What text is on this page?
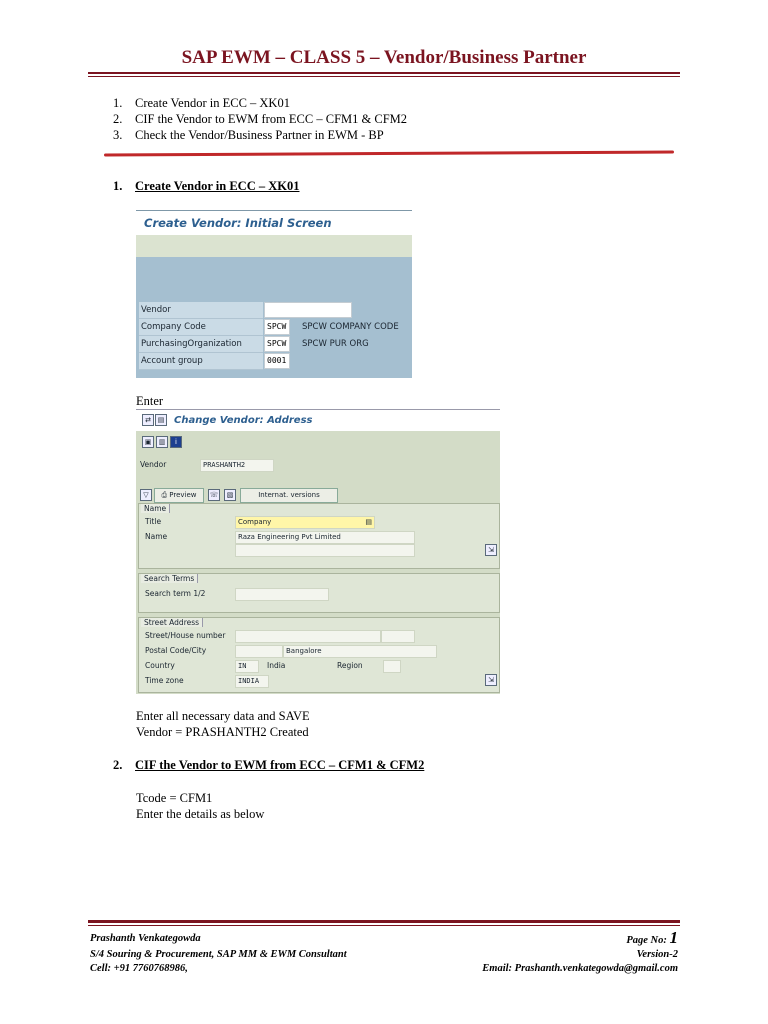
SAP EWM – CLASS 5 – Vendor/Business Partner
1. Create Vendor in ECC – XK01
2. CIF the Vendor to EWM from ECC – CFM1 & CFM2
3. Check the Vendor/Business Partner in EWM - BP
1. Create Vendor in ECC – XK01
Create Vendor: Initial Screen
Vendor
Company Code	SPCW	SPCW COMPANY CODE
PurchasingOrganization	SPCW	SPCW PUR ORG
Account group	0001
Enter
⇄ ▤ Change Vendor: Address
▣	▥	i
Vendor	PRASHANTH2
▽	⎙ Preview	☏	▧	Internat. versions
Name
Title	Company	▤
Name	Raza Engineering Pvt Limited
⇲
Search Terms
Search term 1/2
Street Address
Street/House number
Postal Code/City	Bangalore
Country	IN	India	Region
Time zone	INDIA	⇲
Enter all necessary data and SAVE
Vendor = PRASHANTH2 Created
2. CIF the Vendor to EWM from ECC – CFM1 & CFM2
Tcode = CFM1
Enter the details as below
Prashanth Venkategowda
S/4 Souring & Procurement, SAP MM & EWM Consultant
Cell: +91 7760768986,
Page No: 1
Version-2
Email: Prashanth.venkategowda@gmail.com
